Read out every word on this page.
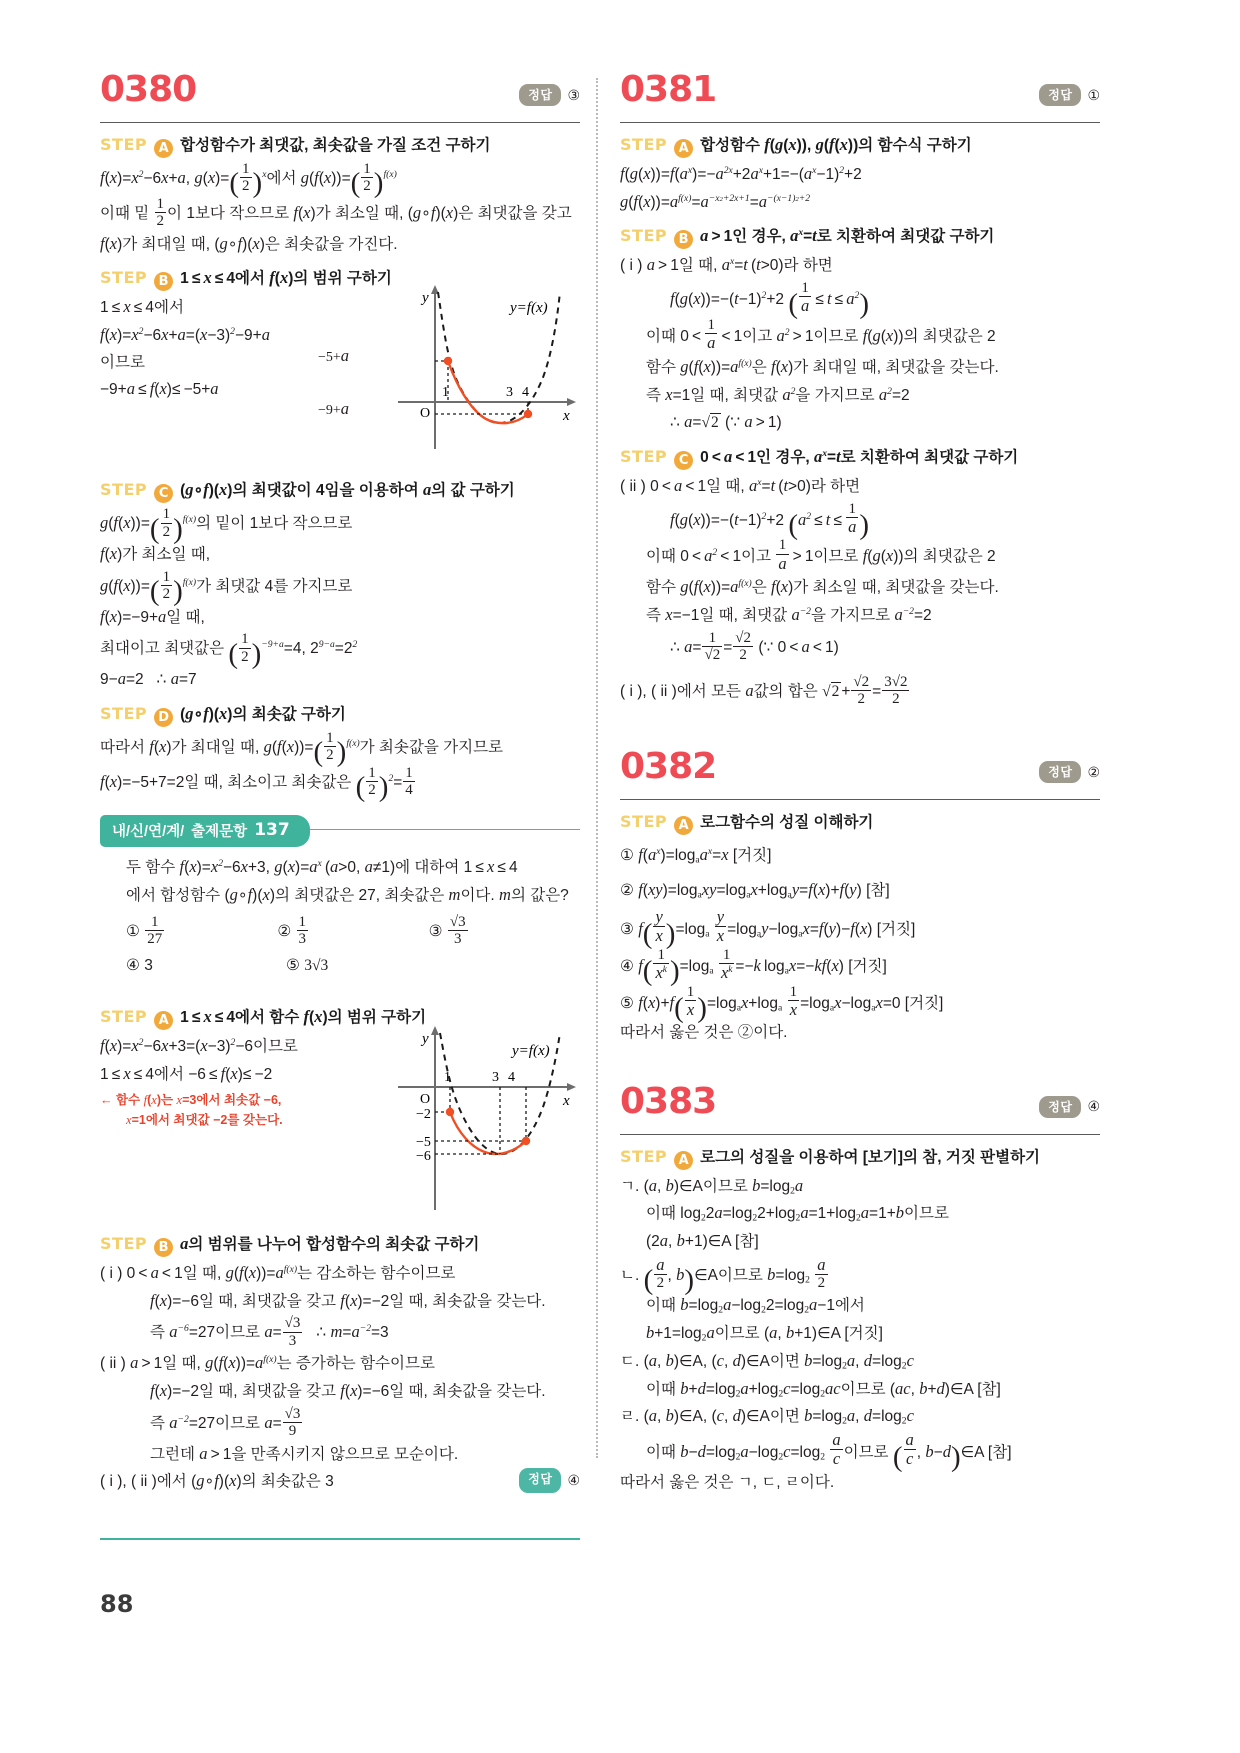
0380	정답	③
STEP A 합성함수가 최댓값, 최솟값을 가질 조건 구하기
$f(x)=x^2-6x+a$, $g(x)=( \frac{1}{2} )^x$에서 $g(f(x))=( \frac{1}{2} )^{f(x)}$
이때 밑 $\frac{1}{2}$ 이 1보다 작으므로 f(x)가 최소일 때, (g∘f)(x)은 최댓값을 갖고
f(x)가 최대일 때, (g∘f)(x)은 최솟값을 가진다.
STEP B 1 ≤ x ≤ 4에서 f(x)의 범위 구하기
1 ≤ x ≤ 4에서
$f(x)=x^2-6x+a=(x-3)^2-9+a$
이므로
−9+a ≤ f(x)≤ −5+a
y
x
O
1	3 4
y=f(x)
−5+a
−9+a
STEP C (g∘f)(x)의 최댓값이 4임을 이용하여 a의 값 구하기
$g(f(x))=( \frac{1}{2} )^{f(x)}$의 밑이 1보다 작으므로
f(x)가 최소일 때,
$g(f(x))=( \frac{1}{2} )^{f(x)}$가 최댓값 4를 가지므로
f(x)=−9+a일 때,
최대이고 최댓값은 ( $\frac{1}{2} )^{-9+a}=4$, $2^{9-a}=2^2$
9−a=2   ∴ a=7
STEP D (g∘f)(x)의 최솟값 구하기
따라서 f(x)가 최대일 때, $g(f(x))=( \frac{1}{2} )^{f(x)}$가 최솟값을 가지므로
f(x)=−5+7=2일 때, 최소이고 최솟값은 ( $\frac{1}{2} )^2= \frac{1}{4}$
내/신/연/계/ 출제문항 137
두 함수 $f(x)=x^2-6x+3$, $g(x)=a^x$ (a>0, a≠1)에 대하여 1 ≤ x ≤ 4
에서 합성함수 (g∘f)(x)의 최댓값은 27, 최솟값은 m이다. m의 값은?
① $\frac{1}{27}$	② $\frac{1}{3}$	③ $\frac{√3}{3}$
④ 3	⑤ 3√3
STEP A 1 ≤ x ≤ 4에서 함수 f(x)의 범위 구하기
$f(x)=x^2-6x+3=(x-3)^2-6$이므로
1 ≤ x ≤ 4에서 −6 ≤ f(x)≤ −2
← 함수 f(x)는 x=3에서 최솟값 −6,
x=1에서 최댓값 −2를 갖는다.
y
x
O
1	3 4
−2
−5
−6
y=f(x)
STEP B a의 범위를 나누어 합성함수의 최솟값 구하기
( i ) 0 < a < 1일 때, $g(f(x))=a^{f(x)}$는 감소하는 함수이므로
f(x)=−6일 때, 최댓값을 갖고 f(x)=−2일 때, 최솟값을 갖는다.
즉 $a^{-6}=27$이므로 $a= \frac{√3}{3}$ ∴ $m=a^{-2}=3$
( ii ) a > 1일 때, $g(f(x))=a^{f(x)}$는 증가하는 함수이므로
f(x)=−2일 때, 최댓값을 갖고 f(x)=−6일 때, 최솟값을 갖는다.
즉 $a^{-2}=27$이므로 $a= \frac{√3}{9}$
그런데 a > 1을 만족시키지 않으므로 모순이다.
( i ), ( ii )에서 (g∘f)(x)의 최솟값은 3	정답	④
0381	정답	①
STEP A 합성함수 f(g(x)), g(f(x))의 함수식 구하기
$f(g(x))=f(a^x)=-a^{2x}+2a^x+1=-(a^x-1)^2+2$
$g(f(x))=a^{f(x)}=a^{-x2+2x+1}=a^{-(x-1)2+2}$
STEP B a > 1인 경우, $a^x=t$로 치환하여 최댓값 구하기
( i ) a > 1일 때, $a^x=t$ (t>0)라 하면
$f(g(x))=-(t-1)^2+2$ ( $\frac{1}{a} \le t \le a^2$)
이때 $0 < \frac{1}{a} < 1$이고 $a^2 > 1$이므로 f(g(x))의 최댓값은 2
함수 $g(f(x))=a^{f(x)}$은 f(x)가 최대일 때, 최댓값을 갖는다.
즉 x=1일 때, 최댓값 $a^2$을 가지므로 $a^2=2$
∴ a=√2 (∵ a > 1)
STEP C 0 < a < 1인 경우, $a^x=t$로 치환하여 최댓값 구하기
( ii ) 0 < a < 1일 때, $a^x=t$ (t>0)라 하면
$f(g(x))=-(t-1)^2+2$ ($a^2 \le t \le \frac{1}{a}$ )
이때 $0 < a^2 < 1$이고 $\frac{1}{a} > 1$이므로 f(g(x))의 최댓값은 2
함수 $g(f(x))=a^{f(x)}$은 f(x)가 최소일 때, 최댓값을 갖는다.
즉 x=−1일 때, 최댓값 $a^{-2}$을 가지므로 $a^{-2}=2$
∴ $a= \frac{1}{√2} = \frac{√2}{2}$ (∵ 0 < a < 1)
( i ), ( ii )에서 모든 a값의 합은 $√2 + \frac{√2}{2} = \frac{3√2}{2}$
0382	정답	②
STEP A 로그함수의 성질 이해하기
① $f(a^x)=\log_aa^x=x$ [거짓]
② $f(xy)=\log_axy=\log_ax+\log_ay=f(x)+f(y)$ [참]
③ $f( \frac{y}{x} )=\log_a \frac{y}{x} =\log_ay-\log_ax=f(y)-f(x)$ [거짓]
④ $f( \frac{1}{x^k} )=\log_a \frac{1}{x^k} =-k$ $\log_ax=-kf(x)$ [거짓]
⑤ $f(x)+f( \frac{1}{x} )=\log_ax+\log_a \frac{1}{x} =\log_ax-\log_ax=0$ [거짓]
따라서 옳은 것은 ②이다.
0383	정답	④
STEP A 로그의 성질을 이용하여 [보기]의 참, 거짓 판별하기
ㄱ. (a, b)∈A이므로 $b=\log_2a$
이때 $\log_22a=\log_22+\log_2a=1+\log_2a=1+b$이므로
(2a, b+1)∈A [참]
ㄴ. ( $\frac{a}{2}$ , b)∈A이므로 $b=\log_2 \frac{a}{2}$
이때 $b=\log_2a-\log_22=\log_2a-1$에서
$b+1=\log_2a$이므로 (a, b+1)∈A [거짓]
ㄷ. (a, b)∈A, (c, d)∈A이면 $b=\log_2a$, $d=\log_2c$
이때 $b+d=\log_2a+\log_2c=\log_2ac$이므로 (ac, b+d)∈A [참]
ㄹ. (a, b)∈A, (c, d)∈A이면 $b=\log_2a$, $d=\log_2c$
이때 $b-d=\log_2a-\log_2c=\log_2 \frac{a}{c}$ 이므로 ( $\frac{a}{c}$ , b−d)∈A [참]
따라서 옳은 것은 ㄱ, ㄷ, ㄹ이다.
88
